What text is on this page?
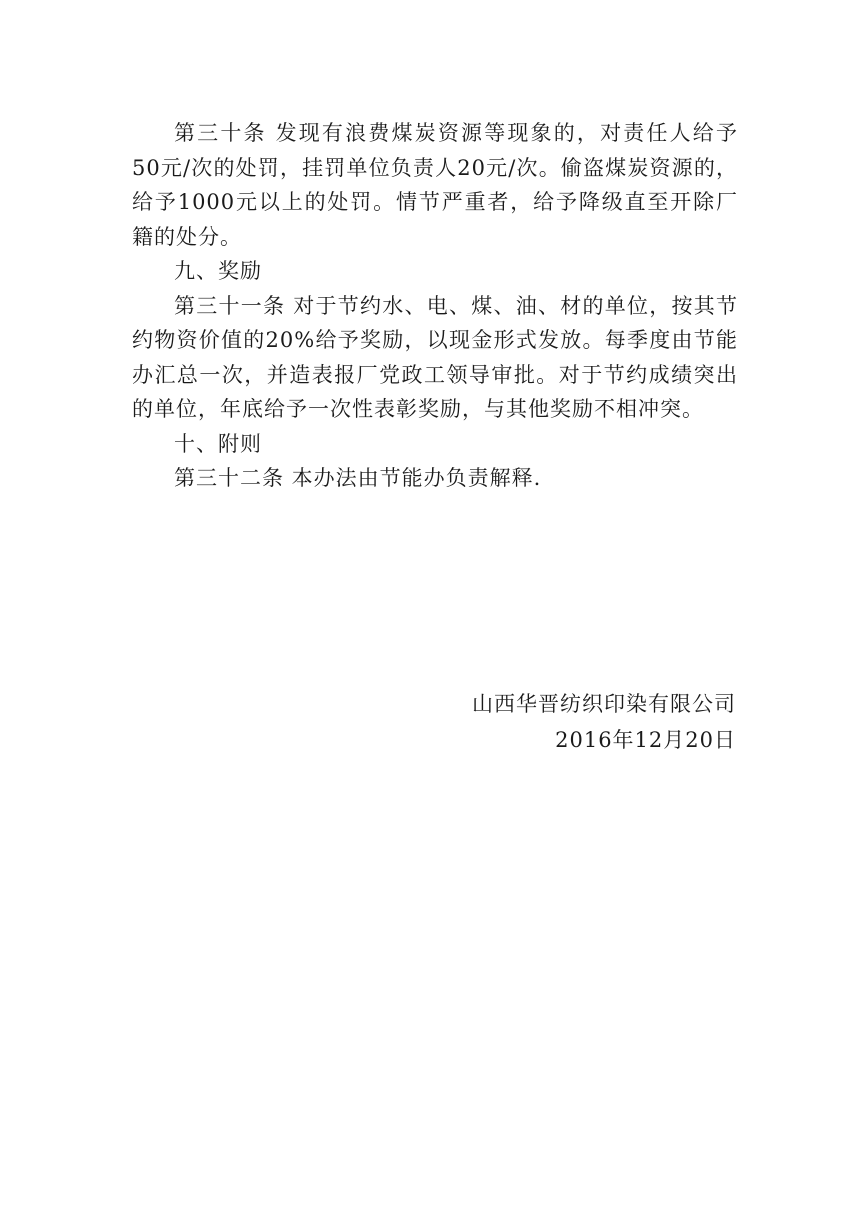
第三十条 发现有浪费煤炭资源等现象的，对责任人给予50元/次的处罚，挂罚单位负责人20元/次。偷盗煤炭资源的，给予1000元以上的处罚。情节严重者，给予降级直至开除厂籍的处分。

九、奖励

第三十一条 对于节约水、电、煤、油、材的单位，按其节约物资价值的20%给予奖励，以现金形式发放。每季度由节能办汇总一次，并造表报厂党政工领导审批。对于节约成绩突出的单位，年底给予一次性表彰奖励，与其他奖励不相冲突。

十、附则

第三十二条 本办法由节能办负责解释.

山西华晋纺织印染有限公司
2016年12月20日
